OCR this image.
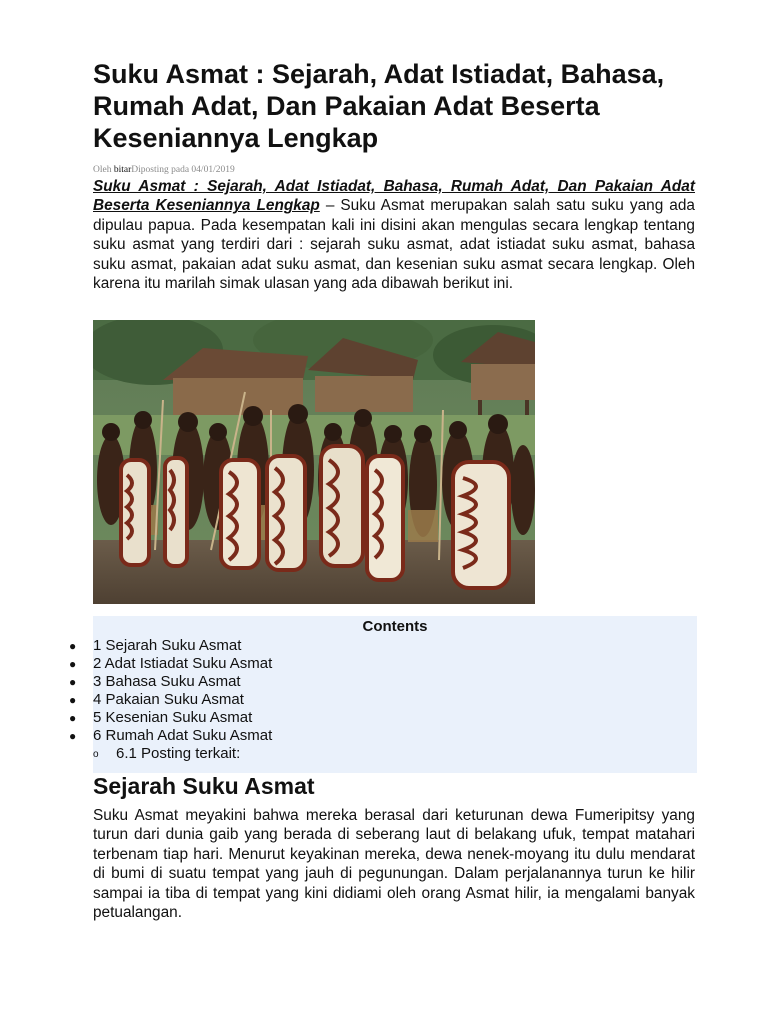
Suku Asmat : Sejarah, Adat Istiadat, Bahasa, Rumah Adat, Dan Pakaian Adat Beserta Keseniannya Lengkap
Oleh bitarDiposting pada 04/01/2019

Suku Asmat : Sejarah, Adat Istiadat, Bahasa, Rumah Adat, Dan Pakaian Adat Beserta Keseniannya Lengkap – Suku Asmat merupakan salah satu suku yang ada dipulau papua. Pada kesempatan kali ini disini akan mengulas secara lengkap tentang suku asmat yang terdiri dari : sejarah suku asmat, adat istiadat suku asmat, bahasa suku asmat, pakaian adat suku asmat, dan kesenian suku asmat secara lengkap. Oleh karena itu marilah simak ulasan yang ada dibawah berikut ini.

Contents
● 1 Sejarah Suku Asmat
● 2 Adat Istiadat Suku Asmat
● 3 Bahasa Suku Asmat
● 4 Pakaian Suku Asmat
● 5 Kesenian Suku Asmat
● 6 Rumah Adat Suku Asmat
o 6.1 Posting terkait:
Sejarah Suku Asmat

Suku Asmat meyakini bahwa mereka berasal dari keturunan dewa Fumeripitsy yang turun dari dunia gaib yang berada di seberang laut di belakang ufuk, tempat matahari terbenam tiap hari. Menurut keyakinan mereka, dewa nenek-moyang itu dulu mendarat di bumi di suatu tempat yang jauh di pegunungan. Dalam perjalanannya turun ke hilir sampai ia tiba di tempat yang kini didiami oleh orang Asmat hilir, ia mengalami banyak petualangan.
